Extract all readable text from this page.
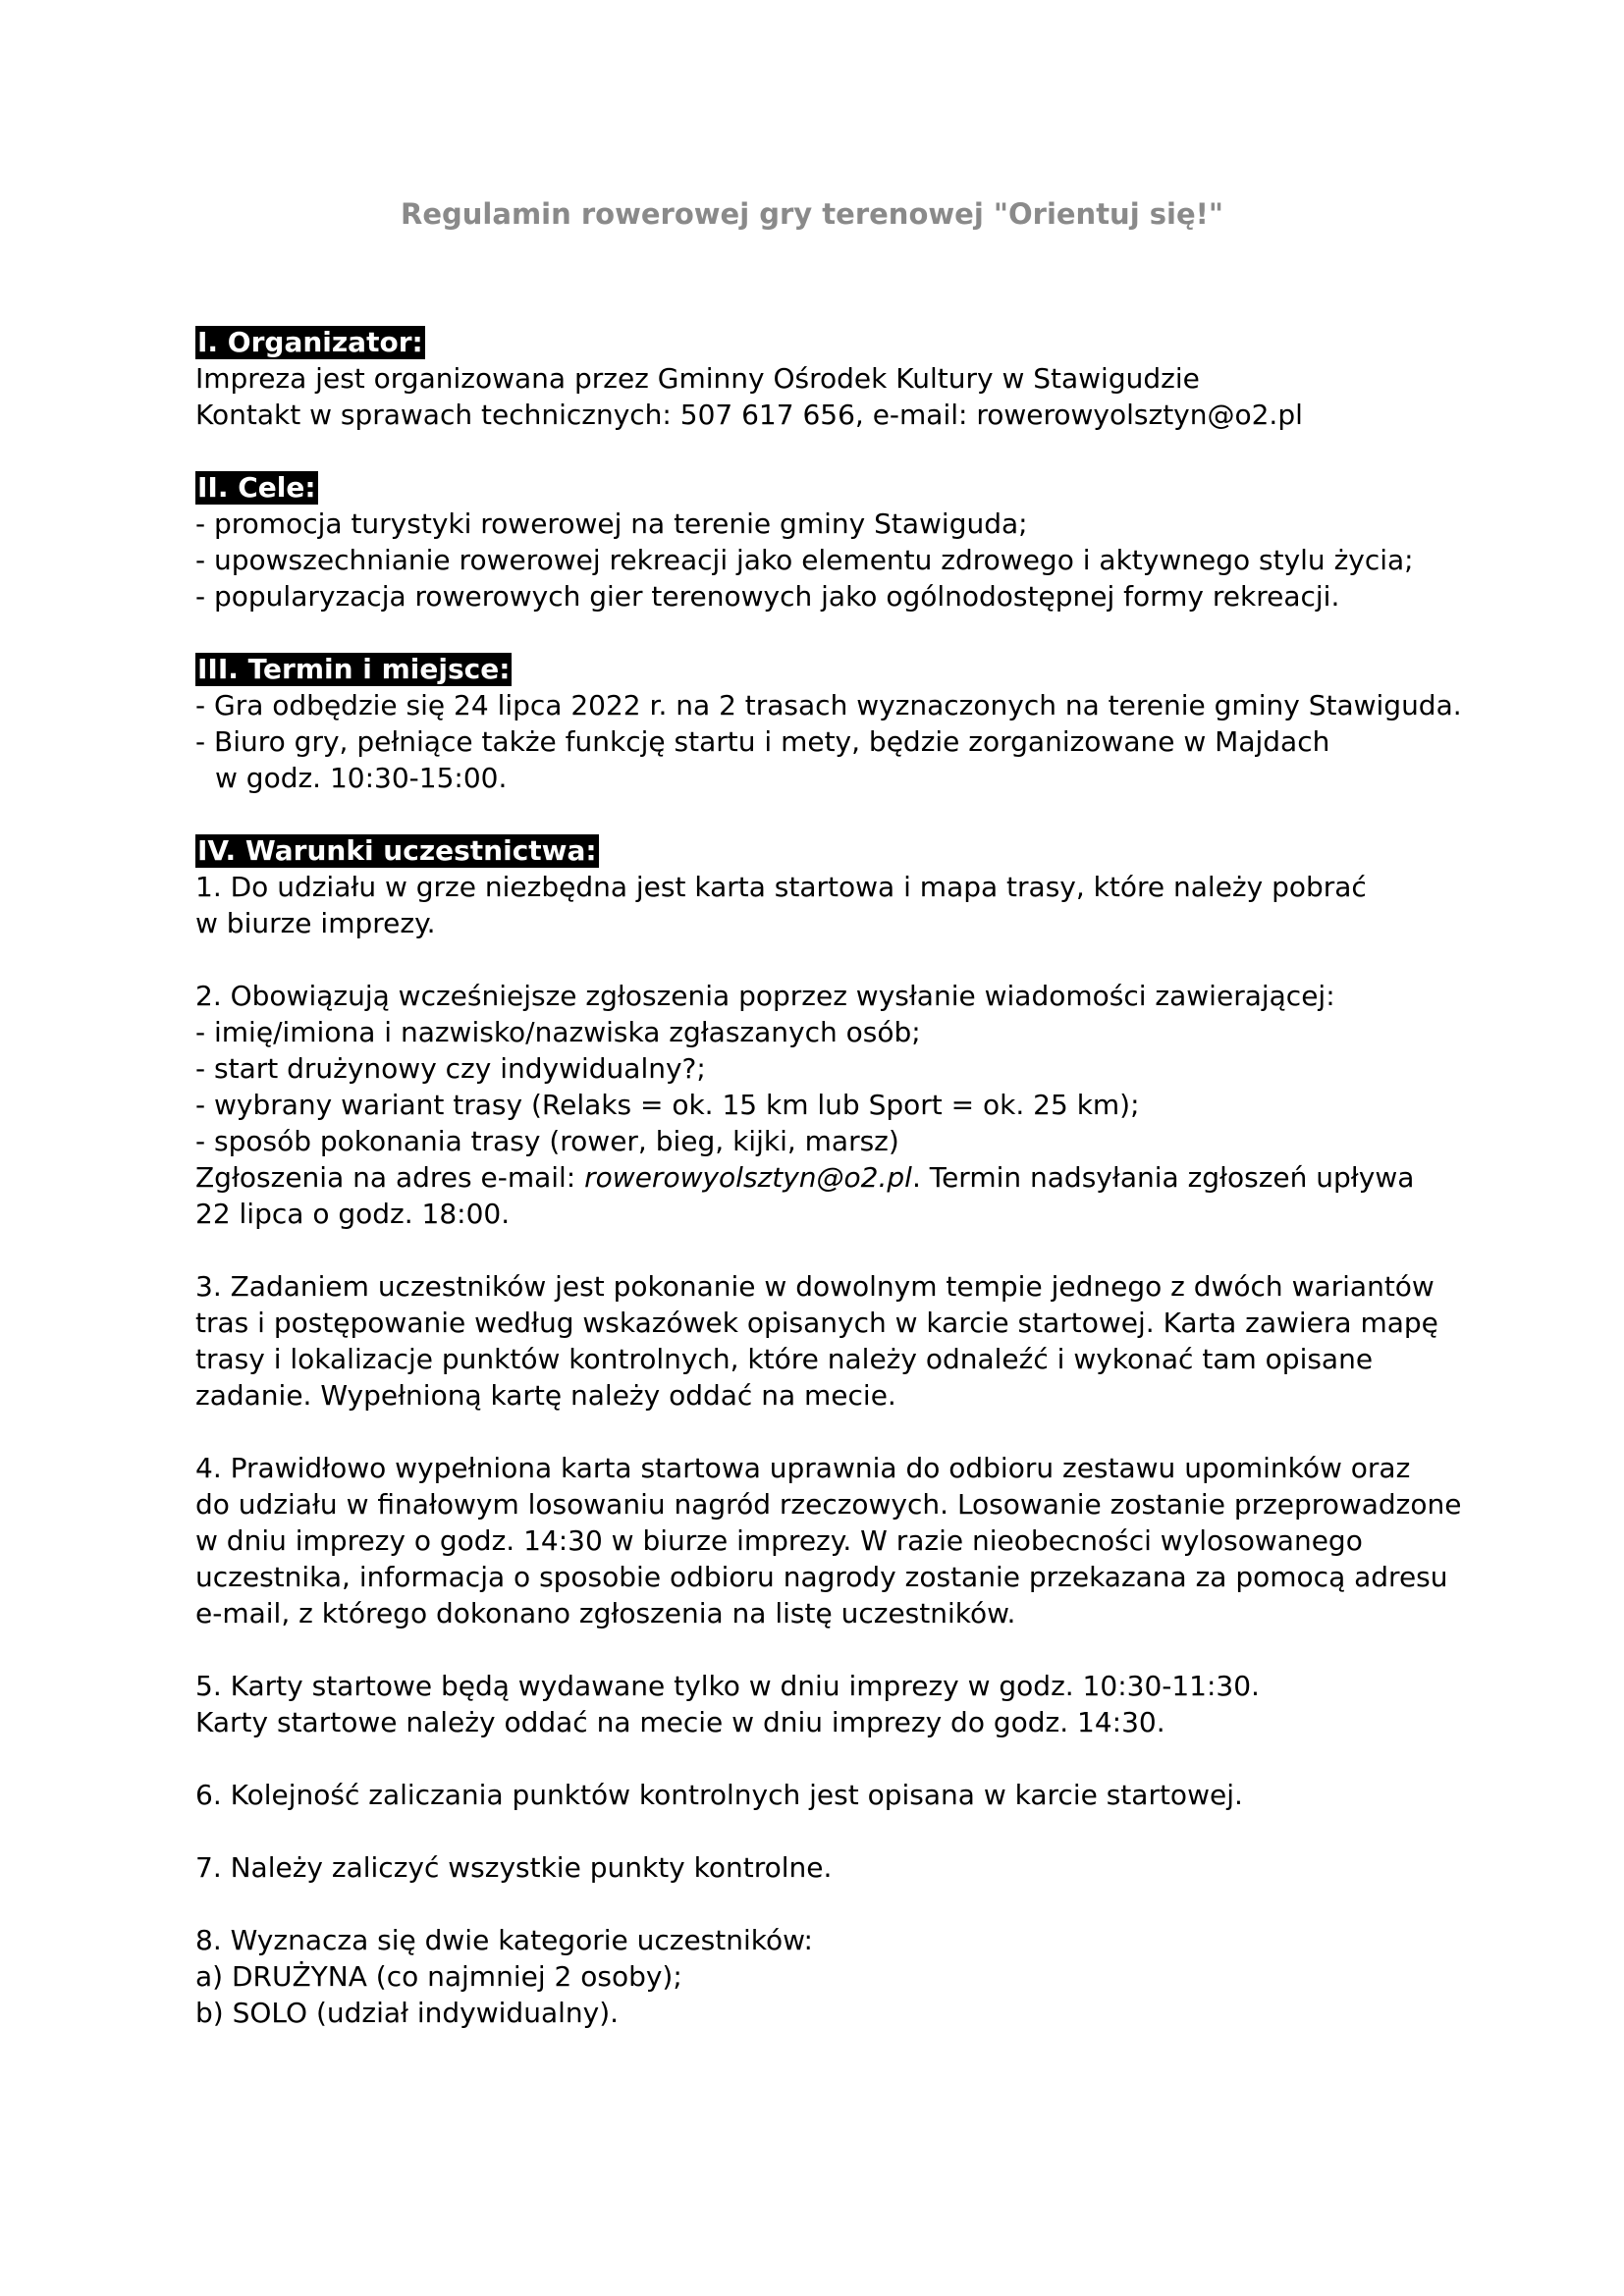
Regulamin rowerowej gry terenowej "Orientuj się!"
I. Organizator:
Impreza jest organizowana przez Gminny Ośrodek Kultury w Stawigudzie
Kontakt w sprawach technicznych: 507 617 656, e-mail: rowerowyolsztyn@o2.pl
II. Cele:
- promocja turystyki rowerowej na terenie gminy Stawiguda;
- upowszechnianie rowerowej rekreacji jako elementu zdrowego i aktywnego stylu życia;
- popularyzacja rowerowych gier terenowych jako ogólnodostępnej formy rekreacji.
III. Termin i miejsce:
- Gra odbędzie się 24 lipca 2022 r. na 2 trasach wyznaczonych na terenie gminy Stawiguda.
- Biuro gry, pełniące także funkcję startu i mety, będzie zorganizowane w Majdach
w godz. 10:30-15:00.
IV. Warunki uczestnictwa:
1. Do udziału w grze niezbędna jest karta startowa i mapa trasy, które należy pobrać
w biurze imprezy.
2. Obowiązują wcześniejsze zgłoszenia poprzez wysłanie wiadomości zawierającej:
- imię/imiona i nazwisko/nazwiska zgłaszanych osób;
- start drużynowy czy indywidualny?;
- wybrany wariant trasy (Relaks = ok. 15 km lub Sport = ok. 25 km);
- sposób pokonania trasy (rower, bieg, kijki, marsz)
Zgłoszenia na adres e-mail: rowerowyolsztyn@o2.pl. Termin nadsyłania zgłoszeń upływa
22 lipca o godz. 18:00.
3. Zadaniem uczestników jest pokonanie w dowolnym tempie jednego z dwóch wariantów
tras i postępowanie według wskazówek opisanych w karcie startowej. Karta zawiera mapę
trasy i lokalizacje punktów kontrolnych, które należy odnaleźć i wykonać tam opisane
zadanie. Wypełnioną kartę należy oddać na mecie.
4. Prawidłowo wypełniona karta startowa uprawnia do odbioru zestawu upominków oraz
do udziału w finałowym losowaniu nagród rzeczowych. Losowanie zostanie przeprowadzone
w dniu imprezy o godz. 14:30 w biurze imprezy. W razie nieobecności wylosowanego
uczestnika, informacja o sposobie odbioru nagrody zostanie przekazana za pomocą adresu
e-mail, z którego dokonano zgłoszenia na listę uczestników.
5. Karty startowe będą wydawane tylko w dniu imprezy w godz. 10:30-11:30.
Karty startowe należy oddać na mecie w dniu imprezy do godz. 14:30.
6. Kolejność zaliczania punktów kontrolnych jest opisana w karcie startowej.
7. Należy zaliczyć wszystkie punkty kontrolne.
8. Wyznacza się dwie kategorie uczestników:
a) DRUŻYNA (co najmniej 2 osoby);
b) SOLO (udział indywidualny).
